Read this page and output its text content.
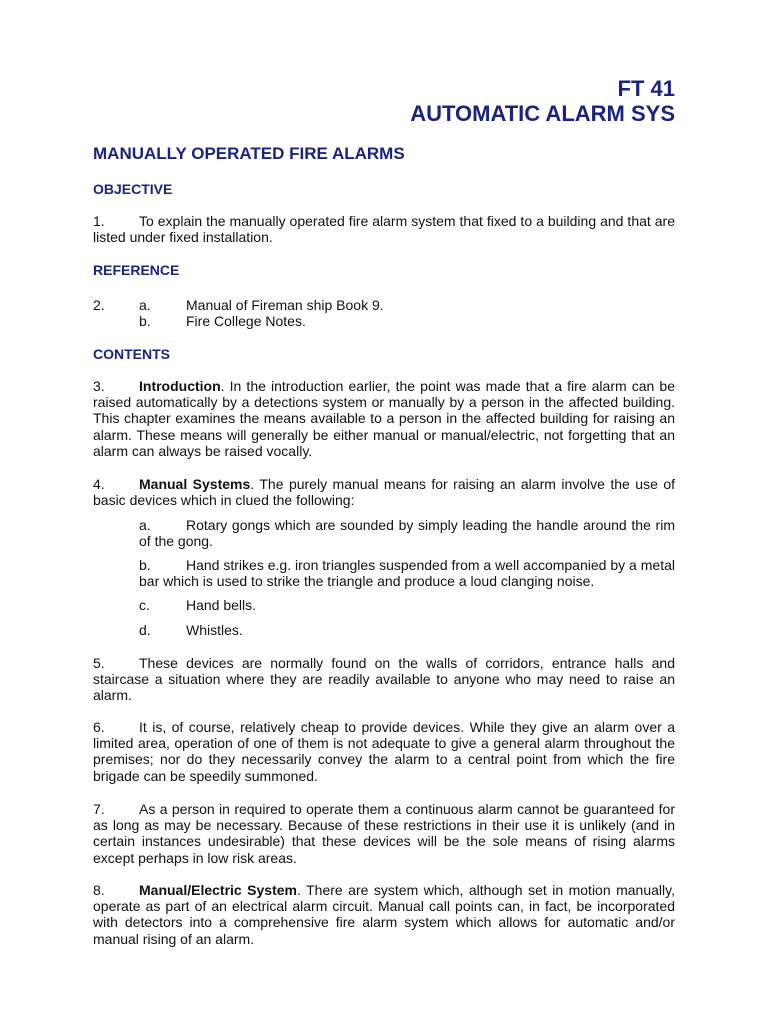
FT 41
AUTOMATIC ALARM SYS
MANUALLY OPERATED FIRE ALARMS
OBJECTIVE

1. To explain the manually operated fire alarm system that fixed to a building and that are listed under fixed installation.

REFERENCE
2. a.	Manual of Fireman ship Book 9.
b.	Fire College Notes.
CONTENTS

3. Introduction. In the introduction earlier, the point was made that a fire alarm can be raised automatically by a detections system or manually by a person in the affected building. This chapter examines the means available to a person in the affected building for raising an alarm. These means will generally be either manual or manual/electric, not forgetting that an alarm can always be raised vocally.

4. Manual Systems. The purely manual means for raising an alarm involve the use of basic devices which in clued the following:

a.	Rotary gongs which are sounded by simply leading the handle around the rim of the gong.

b.	Hand strikes e.g. iron triangles suspended from a well accompanied by a metal bar which is used to strike the triangle and produce a loud clanging noise.

c.	Hand bells.

d.	Whistles.

5. These devices are normally found on the walls of corridors, entrance halls and staircase a situation where they are readily available to anyone who may need to raise an alarm.

6. It is, of course, relatively cheap to provide devices. While they give an alarm over a limited area, operation of one of them is not adequate to give a general alarm throughout the premises; nor do they necessarily convey the alarm to a central point from which the fire brigade can be speedily summoned.

7. As a person in required to operate them a continuous alarm cannot be guaranteed for as long as may be necessary. Because of these restrictions in their use it is unlikely (and in certain instances undesirable) that these devices will be the sole means of rising alarms except perhaps in low risk areas.

8. Manual/Electric System. There are system which, although set in motion manually, operate as part of an electrical alarm circuit. Manual call points can, in fact, be incorporated with detectors into a comprehensive fire alarm system which allows for automatic and/or manual rising of an alarm.
